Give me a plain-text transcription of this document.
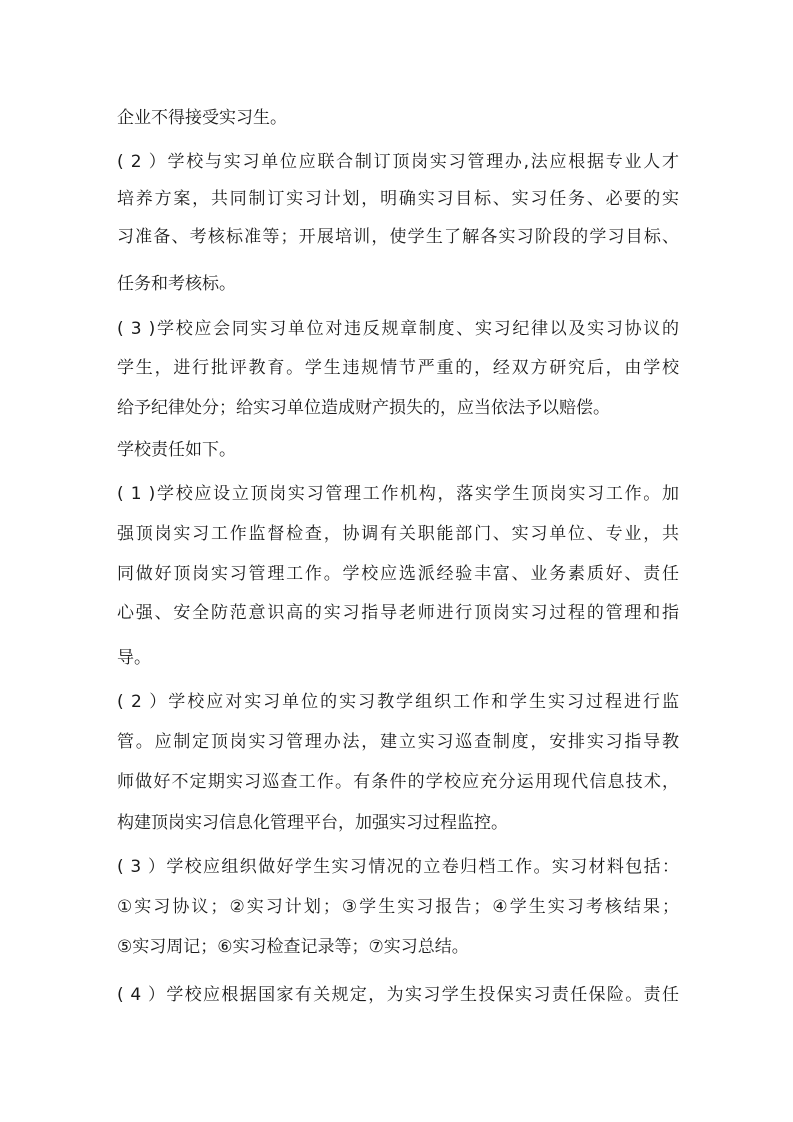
企业不得接受实习生。

( 2 ）学校与实习单位应联合制订顶岗实习管理办,法应根据专业人才

培养方案，共同制订实习计划，明确实习目标、实习任务、必要的实

习准备、考核标准等；开展培训，使学生了解各实习阶段的学习目标、

任务和考核标。

( 3 )学校应会同实习单位对违反规章制度、实习纪律以及实习协议的

学生，进行批评教育。学生违规情节严重的，经双方研究后，由学校

给予纪律处分；给实习单位造成财产损失的，应当依法予以赔偿。

学校责任如下。

( 1 )学校应设立顶岗实习管理工作机构，落实学生顶岗实习工作。加

强顶岗实习工作监督检查，协调有关职能部门、实习单位、专业，共

同做好顶岗实习管理工作。学校应选派经验丰富、业务素质好、责任

心强、安全防范意识高的实习指导老师进行顶岗实习过程的管理和指

导。

( 2 ）学校应对实习单位的实习教学组织工作和学生实习过程进行监

管。应制定顶岗实习管理办法，建立实习巡查制度，安排实习指导教

师做好不定期实习巡查工作。有条件的学校应充分运用现代信息技术，

构建顶岗实习信息化管理平台，加强实习过程监控。

( 3 ）学校应组织做好学生实习情况的立卷归档工作。实习材料包括：

①实习协议；②实习计划；③学生实习报告；④学生实习考核结果；

⑤实习周记；⑥实习检查记录等；⑦实习总结。

( 4 ）学校应根据国家有关规定，为实习学生投保实习责任保险。责任
